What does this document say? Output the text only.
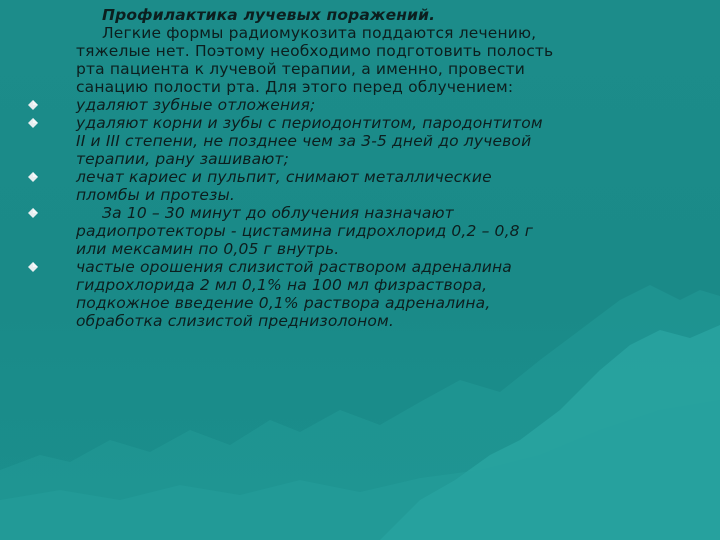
Профилактика лучевых поражений.

Легкие формы радиомукозита поддаются лечению,

тяжелые нет. Поэтому необходимо подготовить полость

рта пациента к лучевой терапии, а именно, провести

санацию полости рта. Для этого перед облучением:

удаляют зубные отложения;

удаляют корни и зубы с периодонтитом, пародонтитом

II и III степени, не позднее чем за 3-5 дней до лучевой

терапии, рану зашивают;

лечат кариес и пульпит, снимают металлические

пломбы и протезы.

За 10 – 30 минут до облучения назначают

радиопротекторы - цистамина гидрохлорид 0,2 – 0,8 г

или мексамин по 0,05 г внутрь.

частые орошения слизистой раствором адреналина

гидрохлорида 2 мл 0,1% на 100 мл физраствора,

подкожное введение 0,1% раствора адреналина,

обработка слизистой преднизолоном.
